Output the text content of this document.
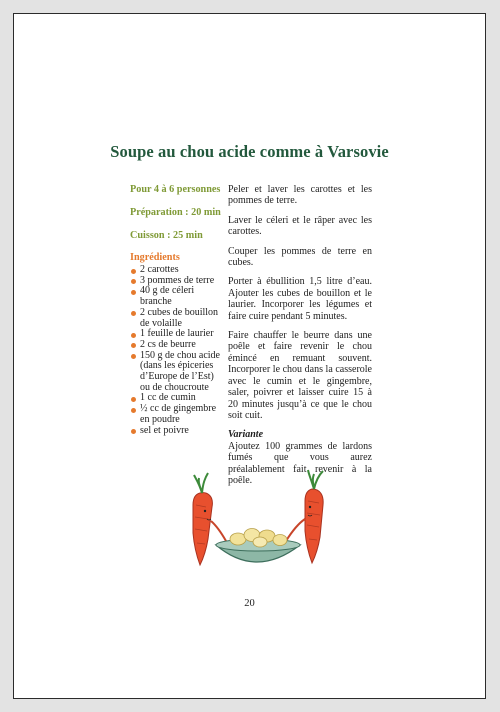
Soupe au chou acide comme à Varsovie
Pour 4 à 6 personnes
Préparation : 20 min
Cuisson : 25 min
Ingrédients
2 carottes
3 pommes de terre
40 g de céleri branche
2 cubes de bouillon de volaille
1 feuille de laurier
2 cs de beurre
150 g de chou acide (dans les épiceries d’Europe de l’Est) ou de choucroute
1 cc de cumin
½ cc de gingembre en poudre
sel et poivre

Peler et laver les carottes et les pommes de terre.

Laver le céleri et le râper avec les carottes.

Couper les pommes de terre en cubes.

Porter à ébullition 1,5 litre d’eau. Ajouter les cubes de bouillon et le laurier. Incorporer les légumes et faire cuire pendant 5 minutes.

Faire chauffer le beurre dans une poêle et faire revenir le chou émincé en remuant souvent. Incorporer le chou dans la casserole avec le cumin et le gingembre, saler, poivrer et laisser cuire 15 à 20 minutes jusqu’à ce que le chou soit cuit.

Variante
Ajoutez 100 grammes de lardons fumés que vous aurez préalablement fait revenir à la poêle.
20
